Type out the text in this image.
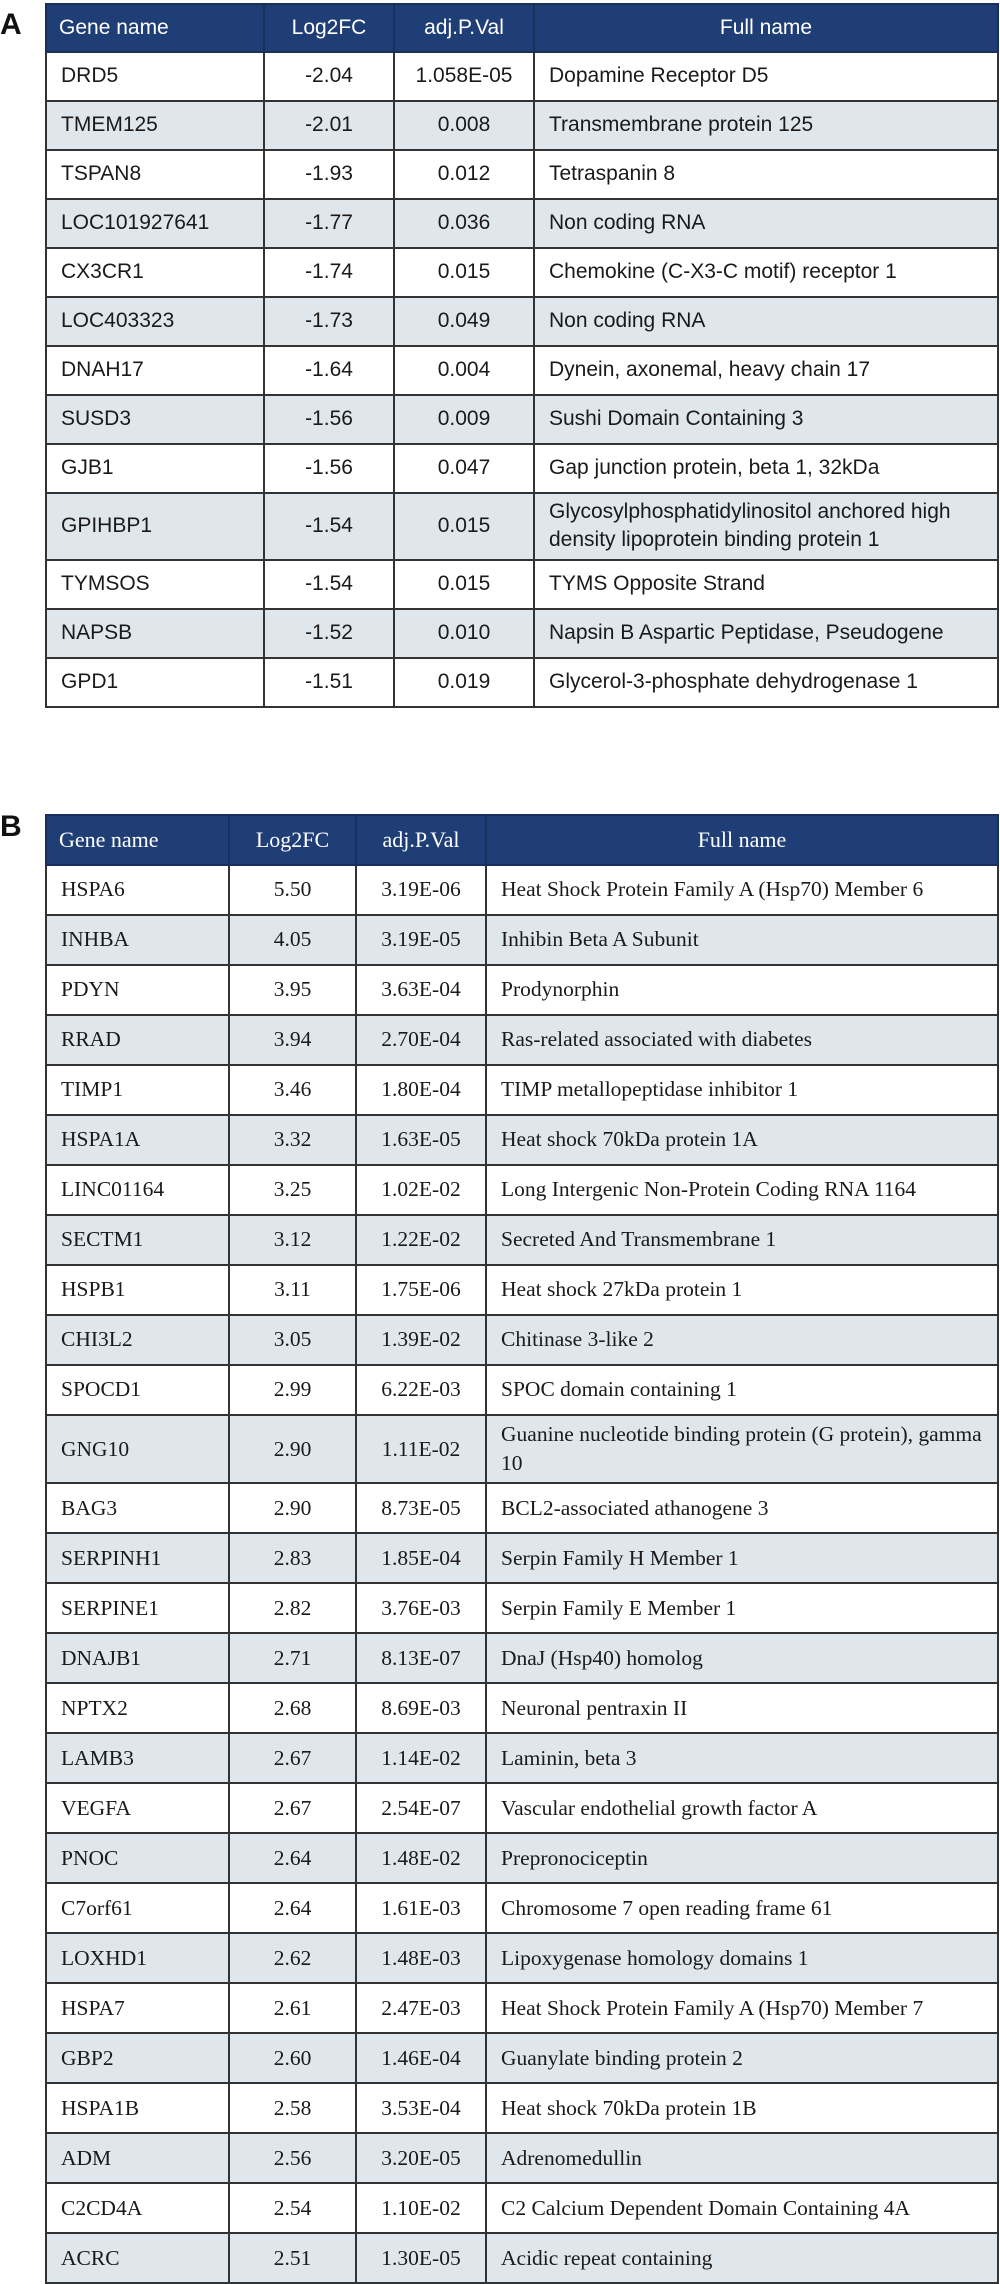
A Gene name	Log2FC	adj.P.Val	Full name
DRD5	-2.04	1.058E-05	Dopamine Receptor D5
TMEM125	-2.01	0.008	Transmembrane protein 125
TSPAN8	-1.93	0.012	Tetraspanin 8
LOC101927641	-1.77	0.036	Non coding RNA
CX3CR1	-1.74	0.015	Chemokine (C-X3-C motif) receptor 1
LOC403323	-1.73	0.049	Non coding RNA
DNAH17	-1.64	0.004	Dynein, axonemal, heavy chain 17
SUSD3	-1.56	0.009	Sushi Domain Containing 3
GJB1	-1.56	0.047	Gap junction protein, beta 1, 32kDa
GPIHBP1	-1.54	0.015	Glycosylphosphatidylinositol anchored high density lipoprotein binding protein 1
TYMSOS	-1.54	0.015	TYMS Opposite Strand
NAPSB	-1.52	0.010	Napsin B Aspartic Peptidase, Pseudogene
GPD1	-1.51	0.019	Glycerol-3-phosphate dehydrogenase 1
B Gene name	Log2FC	adj.P.Val	Full name
HSPA6	5.50	3.19E-06	Heat Shock Protein Family A (Hsp70) Member 6
INHBA	4.05	3.19E-05	Inhibin Beta A Subunit
PDYN	3.95	3.63E-04	Prodynorphin
RRAD	3.94	2.70E-04	Ras-related associated with diabetes
TIMP1	3.46	1.80E-04	TIMP metallopeptidase inhibitor 1
HSPA1A	3.32	1.63E-05	Heat shock 70kDa protein 1A
LINC01164	3.25	1.02E-02	Long Intergenic Non-Protein Coding RNA 1164
SECTM1	3.12	1.22E-02	Secreted And Transmembrane 1
HSPB1	3.11	1.75E-06	Heat shock 27kDa protein 1
CHI3L2	3.05	1.39E-02	Chitinase 3-like 2
SPOCD1	2.99	6.22E-03	SPOC domain containing 1
GNG10	2.90	1.11E-02	Guanine nucleotide binding protein (G protein), gamma 10
BAG3	2.90	8.73E-05	BCL2-associated athanogene 3
SERPINH1	2.83	1.85E-04	Serpin Family H Member 1
SERPINE1	2.82	3.76E-03	Serpin Family E Member 1
DNAJB1	2.71	8.13E-07	DnaJ (Hsp40) homolog
NPTX2	2.68	8.69E-03	Neuronal pentraxin II
LAMB3	2.67	1.14E-02	Laminin, beta 3
VEGFA	2.67	2.54E-07	Vascular endothelial growth factor A
PNOC	2.64	1.48E-02	Prepronociceptin
C7orf61	2.64	1.61E-03	Chromosome 7 open reading frame 61
LOXHD1	2.62	1.48E-03	Lipoxygenase homology domains 1
HSPA7	2.61	2.47E-03	Heat Shock Protein Family A (Hsp70) Member 7
GBP2	2.60	1.46E-04	Guanylate binding protein 2
HSPA1B	2.58	3.53E-04	Heat shock 70kDa protein 1B
ADM	2.56	3.20E-05	Adrenomedullin
C2CD4A	2.54	1.10E-02	C2 Calcium Dependent Domain Containing 4A
ACRC	2.51	1.30E-05	Acidic repeat containing
